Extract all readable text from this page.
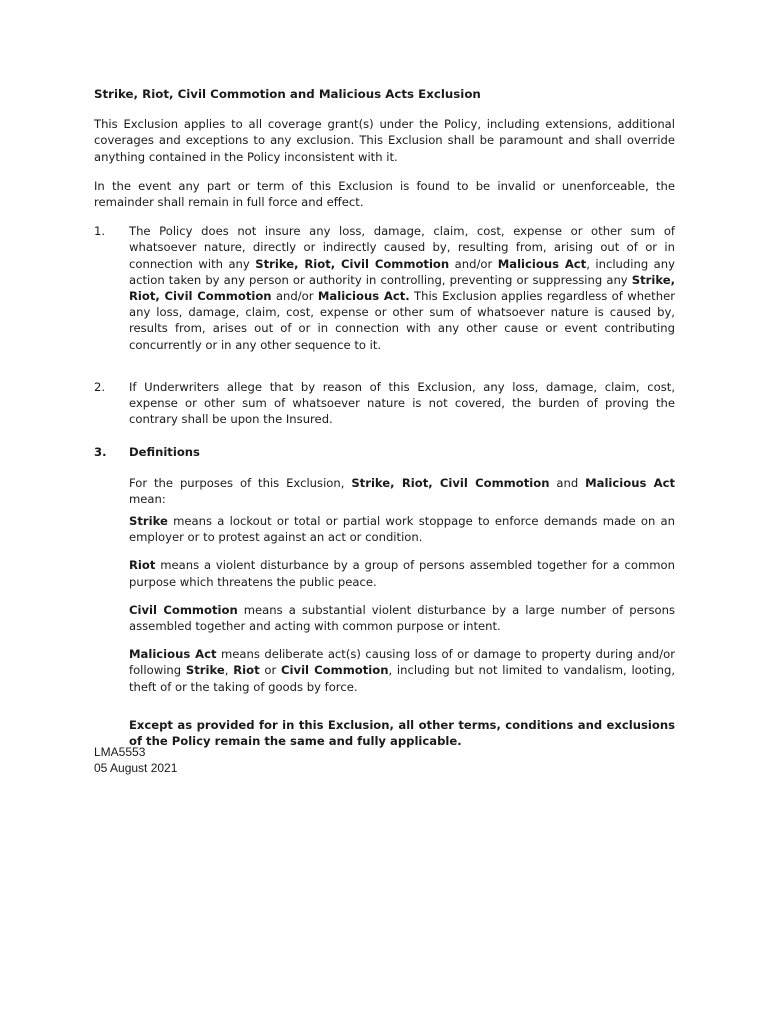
Strike, Riot, Civil Commotion and Malicious Acts Exclusion

This Exclusion applies to all coverage grant(s) under the Policy, including extensions, additional coverages and exceptions to any exclusion. This Exclusion shall be paramount and shall override anything contained in the Policy inconsistent with it.

In the event any part or term of this Exclusion is found to be invalid or unenforceable, the remainder shall remain in full force and effect.

1. The Policy does not insure any loss, damage, claim, cost, expense or other sum of whatsoever nature, directly or indirectly caused by, resulting from, arising out of or in connection with any Strike, Riot, Civil Commotion and/or Malicious Act, including any action taken by any person or authority in controlling, preventing or suppressing any Strike, Riot, Civil Commotion and/or Malicious Act. This Exclusion applies regardless of whether any loss, damage, claim, cost, expense or other sum of whatsoever nature is caused by, results from, arises out of or in connection with any other cause or event contributing concurrently or in any other sequence to it.

2. If Underwriters allege that by reason of this Exclusion, any loss, damage, claim, cost, expense or other sum of whatsoever nature is not covered, the burden of proving the contrary shall be upon the Insured.

3. Definitions

For the purposes of this Exclusion, Strike, Riot, Civil Commotion and Malicious Act mean:

Strike means a lockout or total or partial work stoppage to enforce demands made on an employer or to protest against an act or condition.

Riot means a violent disturbance by a group of persons assembled together for a common purpose which threatens the public peace.

Civil Commotion means a substantial violent disturbance by a large number of persons assembled together and acting with common purpose or intent.

Malicious Act means deliberate act(s) causing loss of or damage to property during and/or following Strike, Riot or Civil Commotion, including but not limited to vandalism, looting, theft of or the taking of goods by force.

Except as provided for in this Exclusion, all other terms, conditions and exclusions of the Policy remain the same and fully applicable.

LMA5553
05 August 2021
